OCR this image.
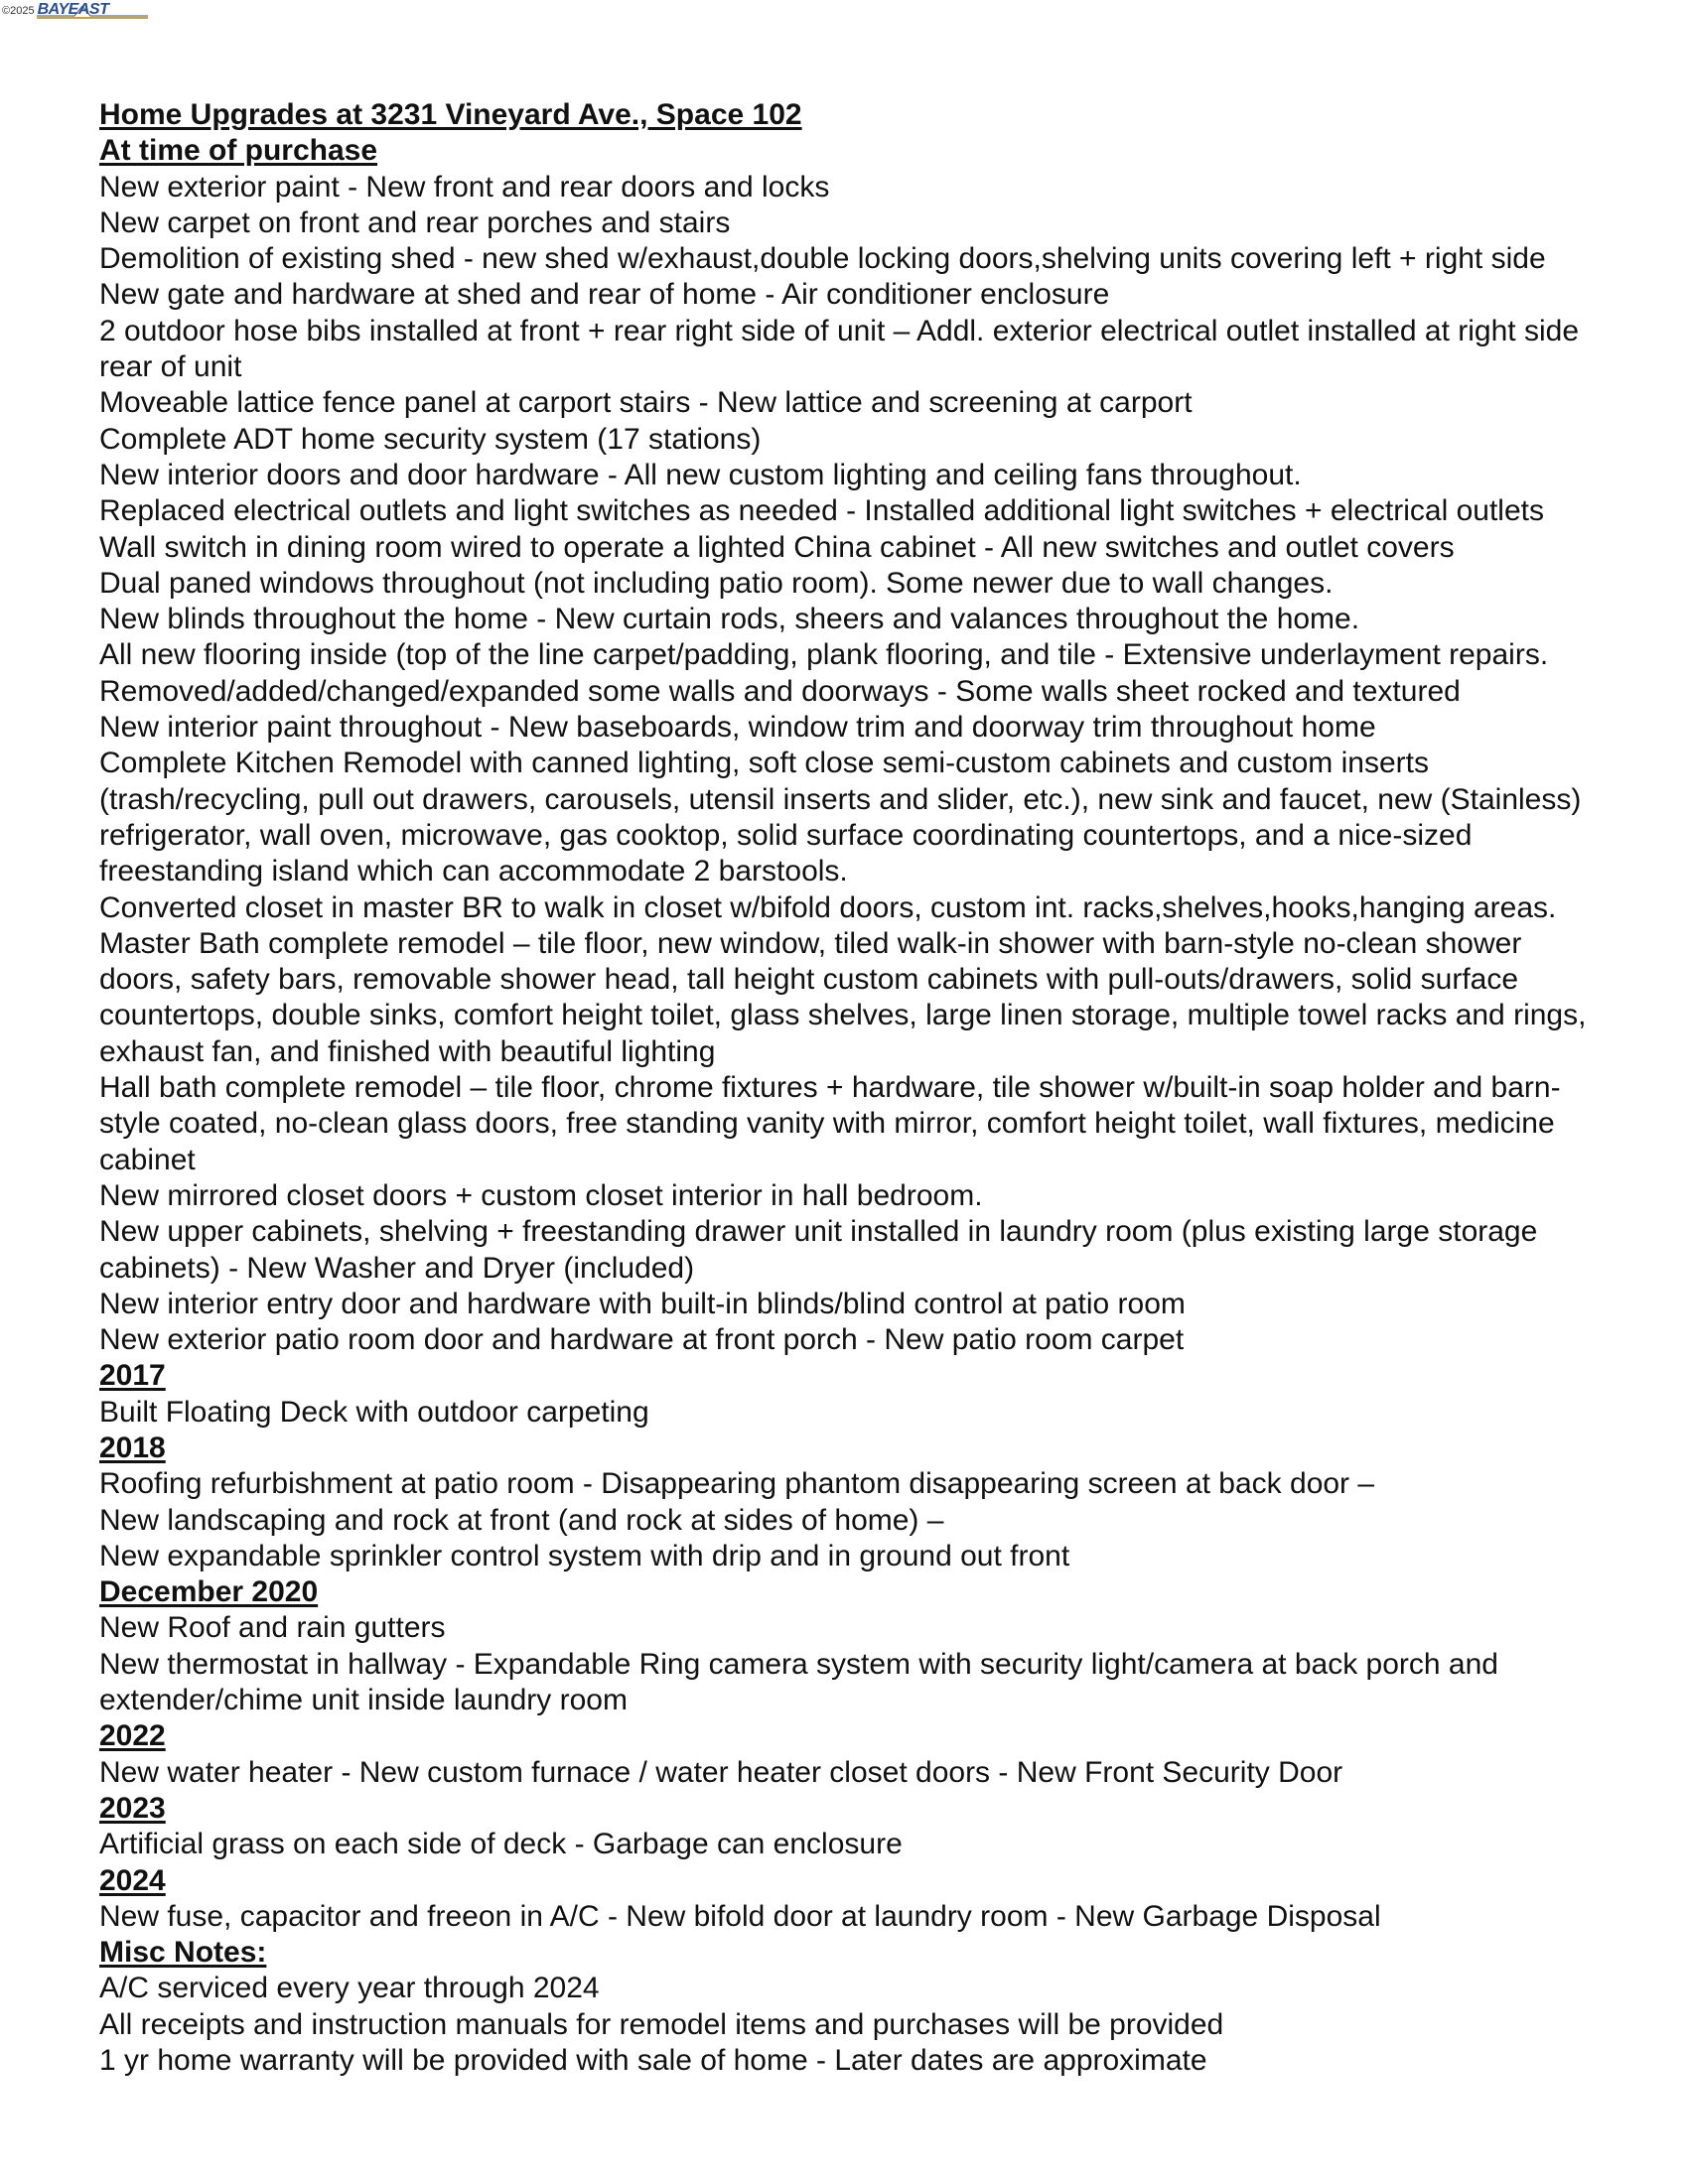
©2025 BAYEAST

Home Upgrades at 3231 Vineyard Ave., Space 102

At time of purchase

New exterior paint - New front and rear doors and locks

New carpet on front and rear porches and stairs

Demolition of existing shed - new shed w/exhaust,double locking doors,shelving units covering left + right side

New gate and hardware at shed and rear of home - Air conditioner enclosure

2 outdoor hose bibs installed at front + rear right side of unit – Addl. exterior electrical outlet installed at right side rear of unit

Moveable lattice fence panel at carport stairs - New lattice and screening at carport

Complete ADT home security system (17 stations)

New interior doors and door hardware - All new custom lighting and ceiling fans throughout.

Replaced electrical outlets and light switches as needed - Installed additional light switches + electrical outlets

Wall switch in dining room wired to operate a lighted China cabinet - All new switches and outlet covers

Dual paned windows throughout (not including patio room). Some newer due to wall changes.

New blinds throughout the home - New curtain rods, sheers and valances throughout the home.

All new flooring inside (top of the line carpet/padding, plank flooring, and tile - Extensive underlayment repairs.

Removed/added/changed/expanded some walls and doorways - Some walls sheet rocked and textured

New interior paint throughout - New baseboards, window trim and doorway trim throughout home

Complete Kitchen Remodel with canned lighting, soft close semi-custom cabinets and custom inserts (trash/recycling, pull out drawers, carousels, utensil inserts and slider, etc.), new sink and faucet, new (Stainless) refrigerator, wall oven, microwave, gas cooktop, solid surface coordinating countertops, and a nice-sized freestanding island which can accommodate 2 barstools.

Converted closet in master BR to walk in closet w/bifold doors, custom int. racks,shelves,hooks,hanging areas.

Master Bath complete remodel – tile floor, new window, tiled walk-in shower with barn-style no-clean shower doors, safety bars, removable shower head, tall height custom cabinets with pull-outs/drawers, solid surface countertops, double sinks, comfort height toilet, glass shelves, large linen storage, multiple towel racks and rings, exhaust fan, and finished with beautiful lighting

Hall bath complete remodel – tile floor, chrome fixtures + hardware, tile shower w/built-in soap holder and barn-style coated, no-clean glass doors, free standing vanity with mirror, comfort height toilet, wall fixtures, medicine cabinet

New mirrored closet doors + custom closet interior in hall bedroom.

New upper cabinets, shelving + freestanding drawer unit installed in laundry room (plus existing large storage cabinets) - New Washer and Dryer (included)

New interior entry door and hardware with built-in blinds/blind control at patio room

New exterior patio room door and hardware at front porch - New patio room carpet

2017

Built Floating Deck with outdoor carpeting

2018

Roofing refurbishment at patio room - Disappearing phantom disappearing screen at back door –

New landscaping and rock at front (and rock at sides of home) –

New expandable sprinkler control system with drip and in ground out front

December 2020

New Roof and rain gutters

New thermostat in hallway - Expandable Ring camera system with security light/camera at back porch and extender/chime unit inside laundry room

2022

New water heater - New custom furnace / water heater closet doors - New Front Security Door

2023

Artificial grass on each side of deck - Garbage can enclosure

2024

New fuse, capacitor and freeon in A/C - New bifold door at laundry room - New Garbage Disposal

Misc Notes:

A/C serviced every year through 2024

All receipts and instruction manuals for remodel items and purchases will be provided

1 yr home warranty will be provided with sale of home - Later dates are approximate
